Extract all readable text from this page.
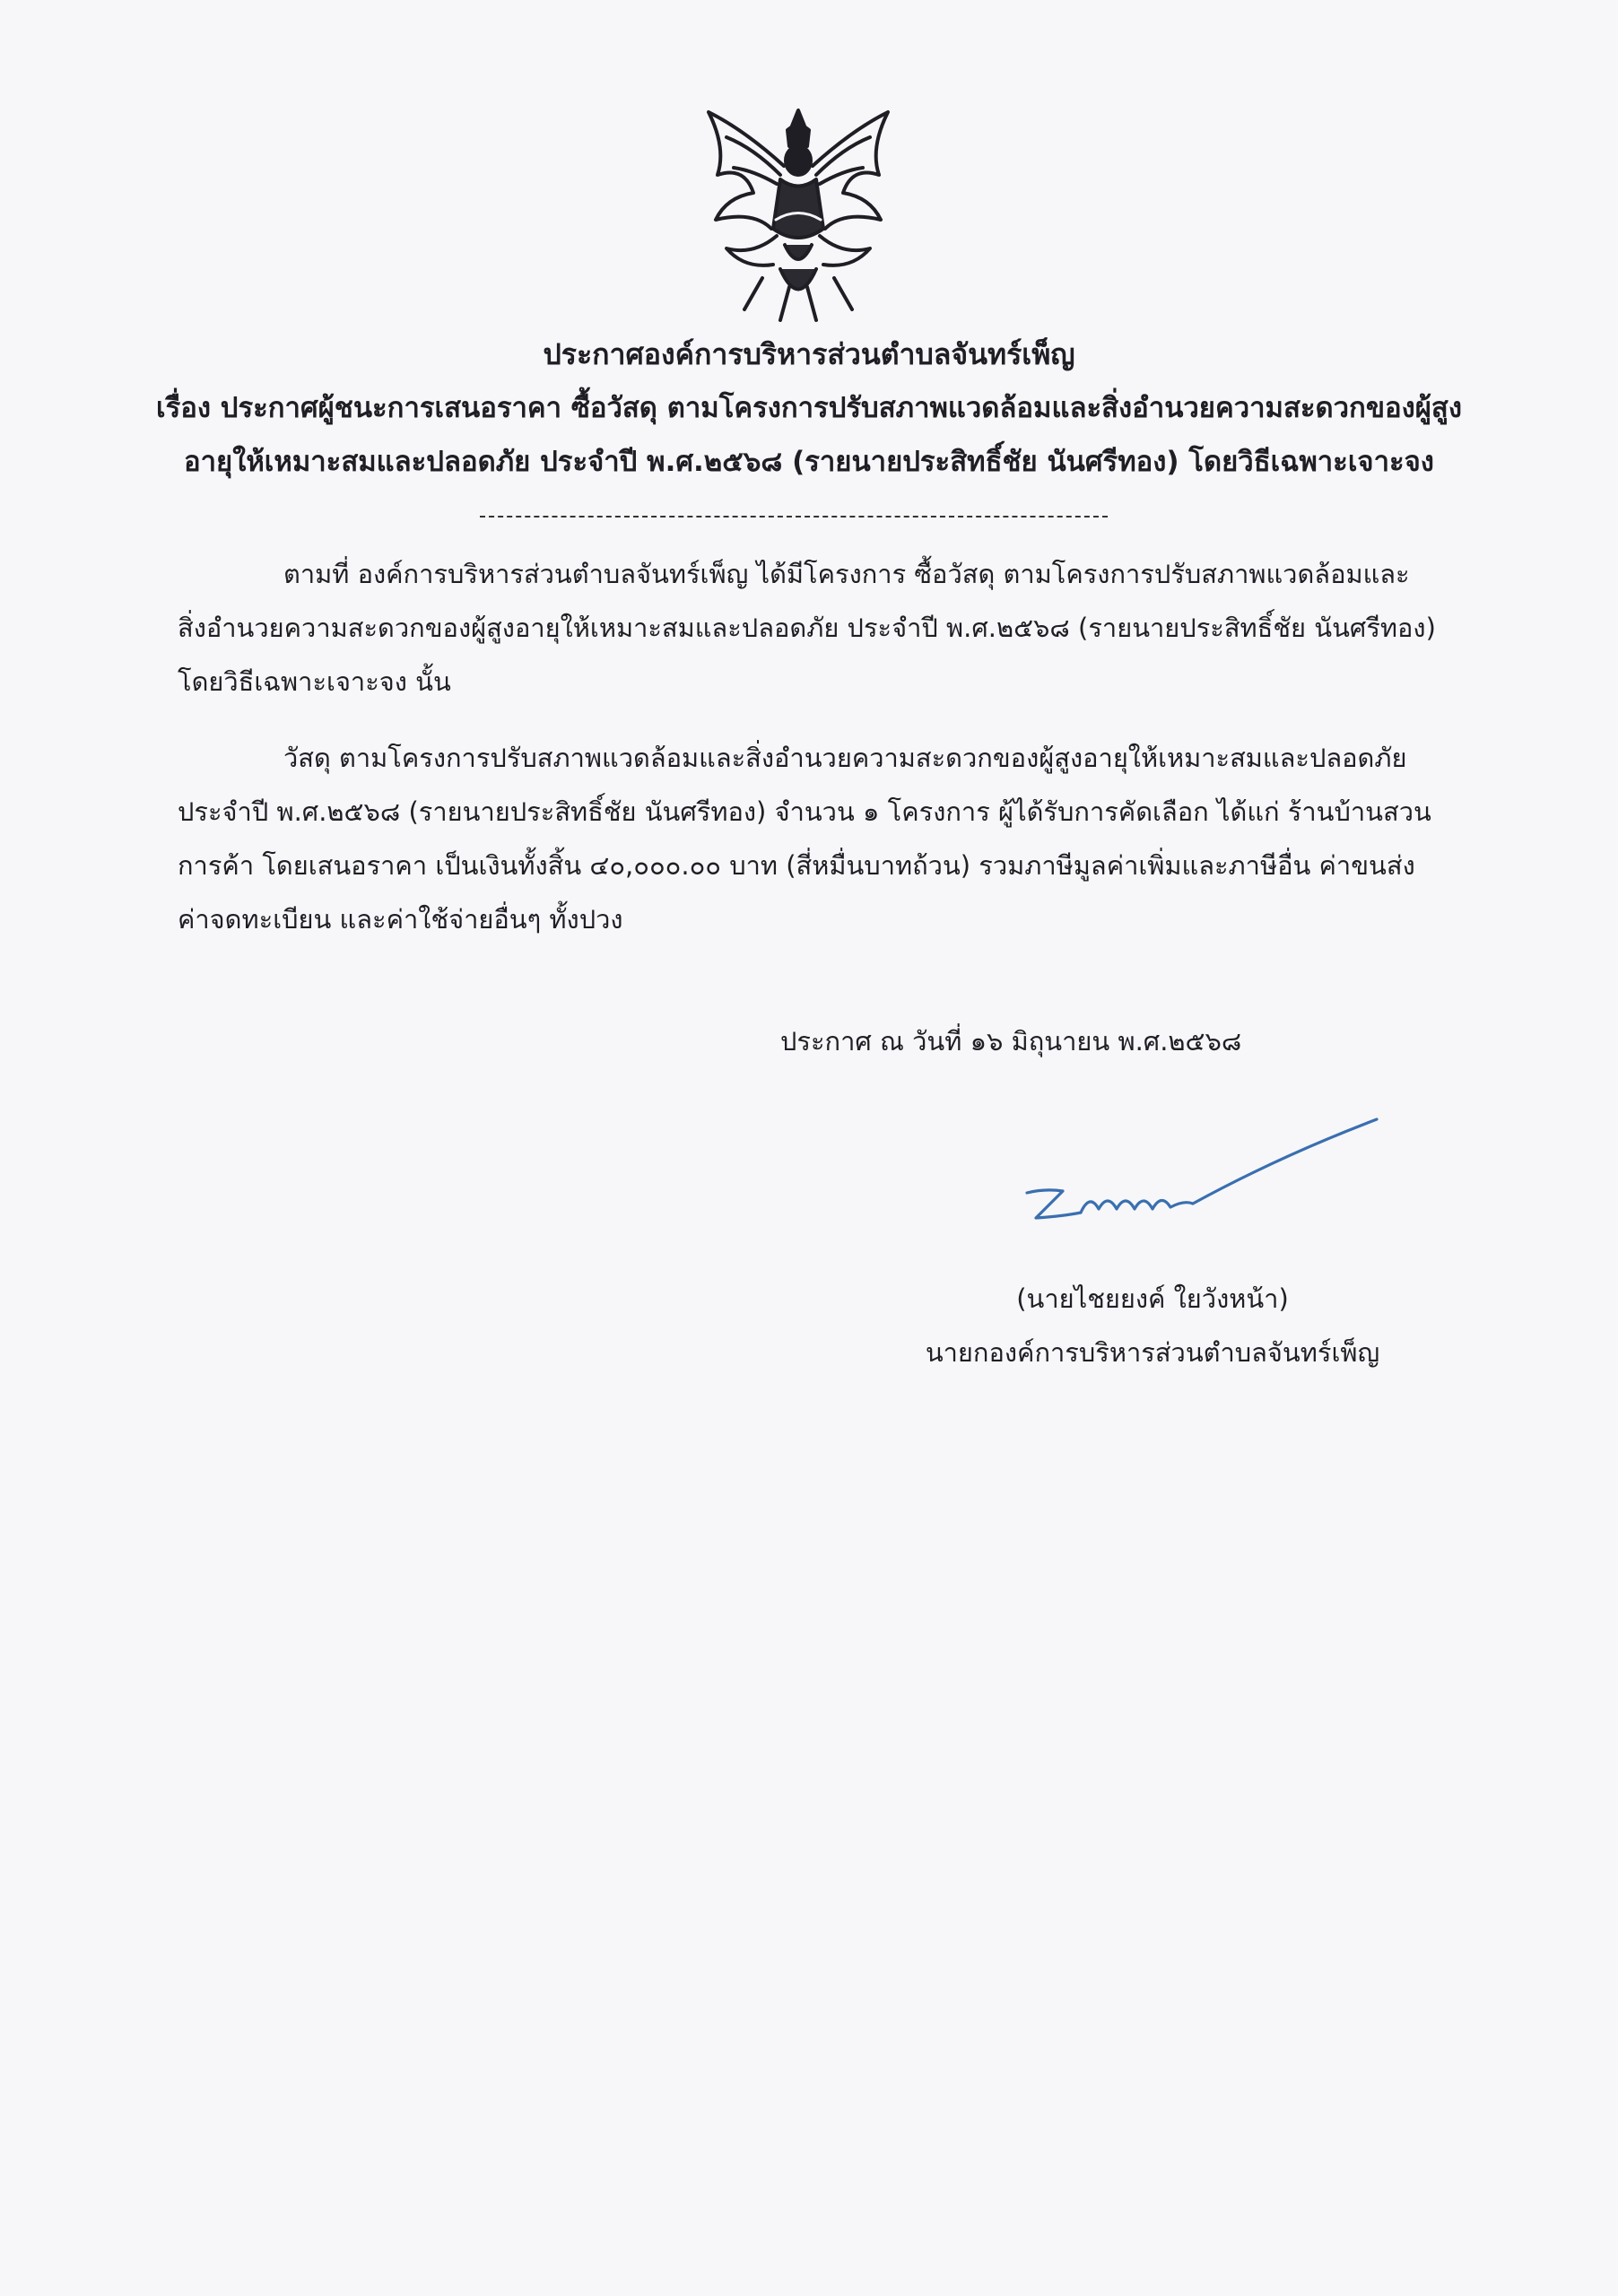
ประกาศองค์การบริหารส่วนตำบลจันทร์เพ็ญ
เรื่อง ประกาศผู้ชนะการเสนอราคา ซื้อวัสดุ ตามโครงการปรับสภาพแวดล้อมและสิ่งอำนวยความสะดวกของผู้สูง
อายุให้เหมาะสมและปลอดภัย ประจำปี พ.ศ.๒๕๖๘ (รายนายประสิทธิ์ชัย นันศรีทอง) โดยวิธีเฉพาะเจาะจง
ตามที่ องค์การบริหารส่วนตำบลจันทร์เพ็ญ ได้มีโครงการ ซื้อวัสดุ ตามโครงการปรับสภาพแวดล้อมและ
สิ่งอำนวยความสะดวกของผู้สูงอายุให้เหมาะสมและปลอดภัย ประจำปี พ.ศ.๒๕๖๘ (รายนายประสิทธิ์ชัย นันศรีทอง)
โดยวิธีเฉพาะเจาะจง นั้น
วัสดุ ตามโครงการปรับสภาพแวดล้อมและสิ่งอำนวยความสะดวกของผู้สูงอายุให้เหมาะสมและปลอดภัย
ประจำปี พ.ศ.๒๕๖๘ (รายนายประสิทธิ์ชัย นันศรีทอง) จำนวน ๑ โครงการ ผู้ได้รับการคัดเลือก ได้แก่ ร้านบ้านสวน
การค้า โดยเสนอราคา เป็นเงินทั้งสิ้น ๔๐,๐๐๐.๐๐ บาท (สี่หมื่นบาทถ้วน) รวมภาษีมูลค่าเพิ่มและภาษีอื่น ค่าขนส่ง
ค่าจดทะเบียน และค่าใช้จ่ายอื่นๆ ทั้งปวง
ประกาศ ณ วันที่ ๑๖ มิถุนายน พ.ศ.๒๕๖๘
(นายไชยยงค์ ใยวังหน้า)
นายกองค์การบริหารส่วนตำบลจันทร์เพ็ญ
